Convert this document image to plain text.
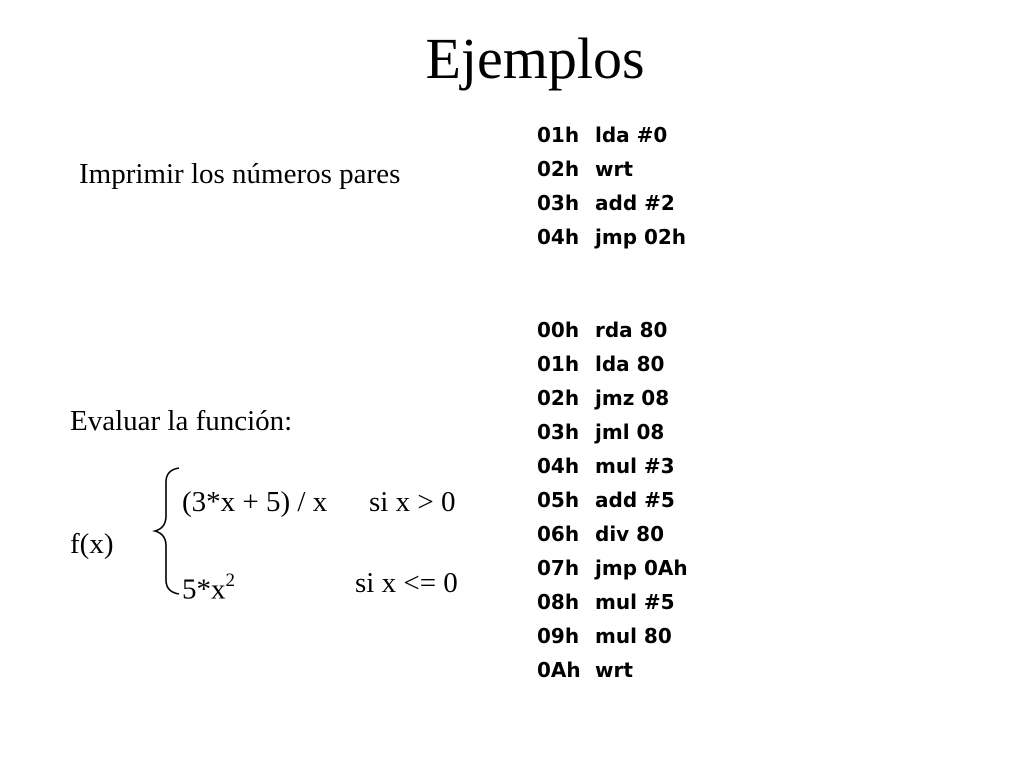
Ejemplos
Imprimir los números pares
01h lda #0
02h wrt
03h add #2
04h jmp 02h
Evaluar la función:
f(x)
(3*x + 5) / x si x > 0
$5*x^2$	si x <= 0
00h rda 80
01h lda 80
02h jmz 08
03h jml 08
04h mul #3
05h add #5
06h div 80
07h jmp 0Ah
08h mul #5
09h mul 80
0Ah wrt
